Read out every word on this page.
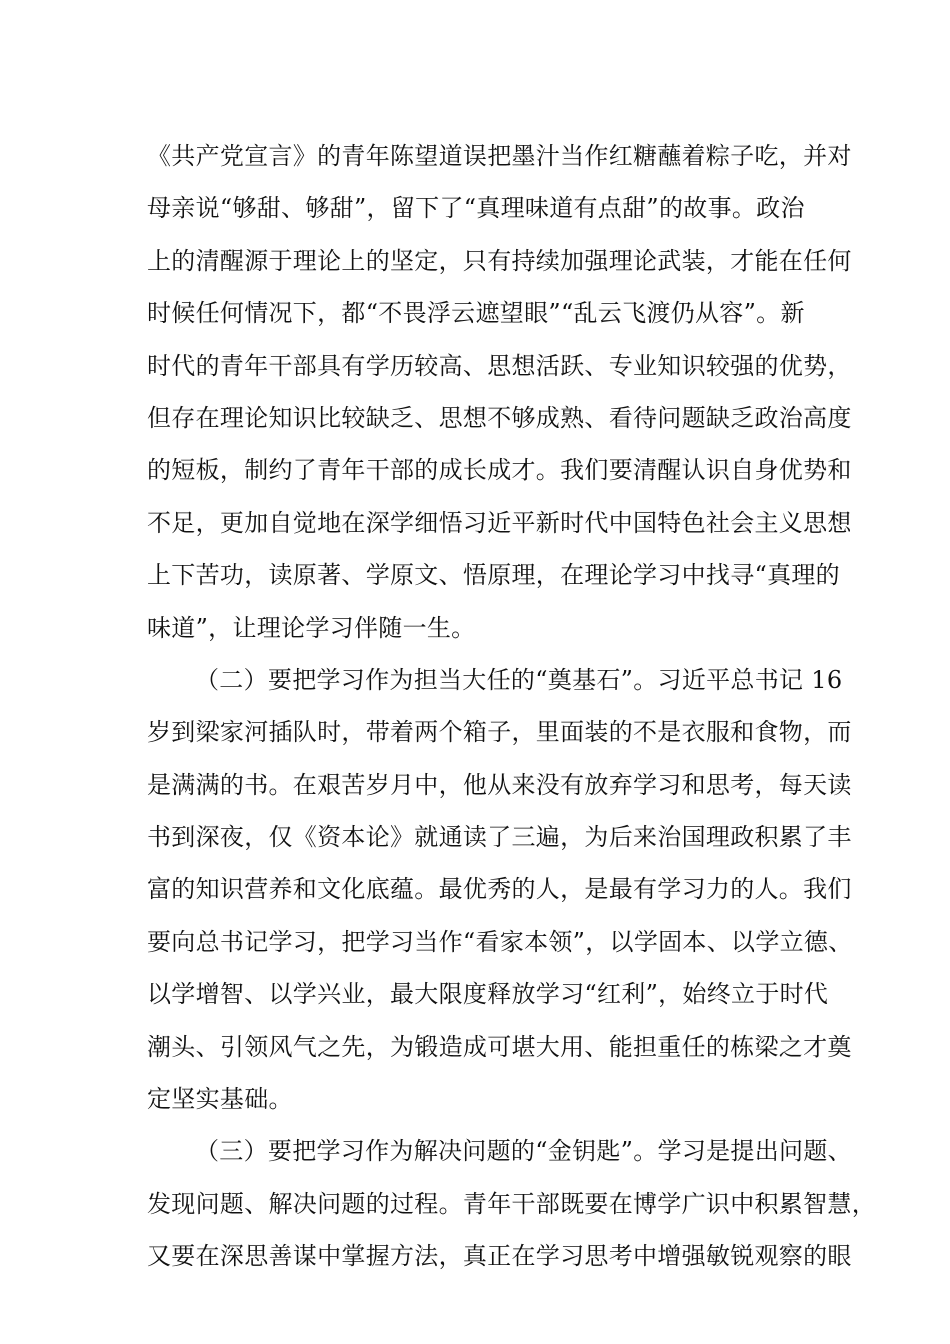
《共产党宣言》的青年陈望道误把墨汁当作红糖蘸着粽子吃，并对
母亲说“够甜、够甜”，留下了“真理味道有点甜”的故事。政治
上的清醒源于理论上的坚定，只有持续加强理论武装，才能在任何
时候任何情况下，都“不畏浮云遮望眼”“乱云飞渡仍从容”。新
时代的青年干部具有学历较高、思想活跃、专业知识较强的优势，
但存在理论知识比较缺乏、思想不够成熟、看待问题缺乏政治高度
的短板，制约了青年干部的成长成才。我们要清醒认识自身优势和
不足，更加自觉地在深学细悟习近平新时代中国特色社会主义思想
上下苦功，读原著、学原文、悟原理，在理论学习中找寻“真理的
味道”，让理论学习伴随一生。
（二）要把学习作为担当大任的“奠基石”。习近平总书记 16
岁到梁家河插队时，带着两个箱子，里面装的不是衣服和食物，而
是满满的书。在艰苦岁月中，他从来没有放弃学习和思考，每天读
书到深夜，仅《资本论》就通读了三遍，为后来治国理政积累了丰
富的知识营养和文化底蕴。最优秀的人，是最有学习力的人。我们
要向总书记学习，把学习当作“看家本领”，以学固本、以学立德、
以学增智、以学兴业，最大限度释放学习“红利”，始终立于时代
潮头、引领风气之先，为锻造成可堪大用、能担重任的栋梁之才奠
定坚实基础。
（三）要把学习作为解决问题的“金钥匙”。学习是提出问题、
发现问题、解决问题的过程。青年干部既要在博学广识中积累智慧，
又要在深思善谋中掌握方法，真正在学习思考中增强敏锐观察的眼
